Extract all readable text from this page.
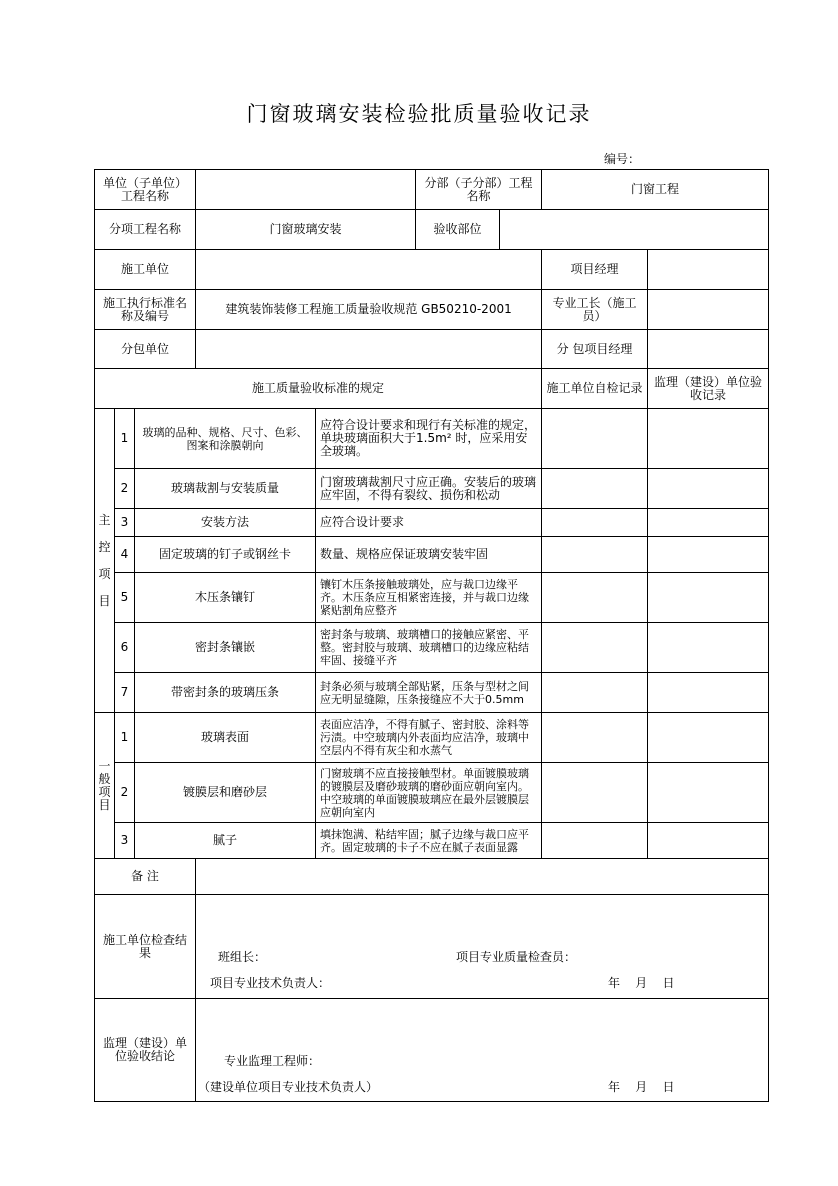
门窗玻璃安装检验批质量验收记录
编号：
单位（子单位）工程名称					分部（子分部）工程名称		门窗工程	
分项工程名称			门窗玻璃安装		验收部位			
施工单位							项目经理	
施工执行标准名称及编号			建筑装饰装修工程施工质量验收规范 GB50210-2001				专业工长（施工员）	
分包单位							分 包项目经理	
施工质量验收标准的规定							施工单位自检记录	监理（建设）单位验收记录

主
控
项
目	1	玻璃的品种、规格、尺寸、色彩、图案和涂膜朝向		应符合设计要求和现行有关标准的规定，单块玻璃面积大于1.5m² 时，应采用安全玻璃。				
	2	玻璃裁割与安装质量		门窗玻璃裁割尺寸应正确。安装后的玻璃应牢固，不得有裂纹、损伤和松动				
	3	安装方法		应符合设计要求				
	4	固定玻璃的钉子或钢丝卡		数量、规格应保证玻璃安装牢固				
	5	木压条镶钉		镶钉木压条接触玻璃处，应与裁口边缘平齐。木压条应互相紧密连接，并与裁口边缘紧贴割角应整齐				
	6	密封条镶嵌		密封条与玻璃、玻璃槽口的接触应紧密、平整。密封胶与玻璃、玻璃槽口的边缘应粘结牢固、接缝平齐				
	7	带密封条的玻璃压条		封条必须与玻璃全部贴紧，压条与型材之间应无明显缝隙，压条接缝应不大于0.5mm				

一
般
项
目	1	玻璃表面		表面应洁净，不得有腻子、密封胶、涂料等污渍。中空玻璃内外表面均应洁净，玻璃中空层内不得有灰尘和水蒸气				
	2	镀膜层和磨砂层		门窗玻璃不应直接接触型材。单面镀膜玻璃的镀膜层及磨砂玻璃的磨砂面应朝向室内。中空玻璃的单面镀膜玻璃应在最外层镀膜层应朝向室内				
	3	腻子		填抹饱满、粘结牢固；腻子边缘与裁口应平齐。固定玻璃的卡子不应在腻子表面显露				
备 注								
施工单位检查结果			班组长： 项目专业质量检查员：
项目专业技术负责人： 年    月    日					

监理（建设）单位验收结论			专业监理工程师：
（建设单位项目专业技术负责人） 年    月    日					
